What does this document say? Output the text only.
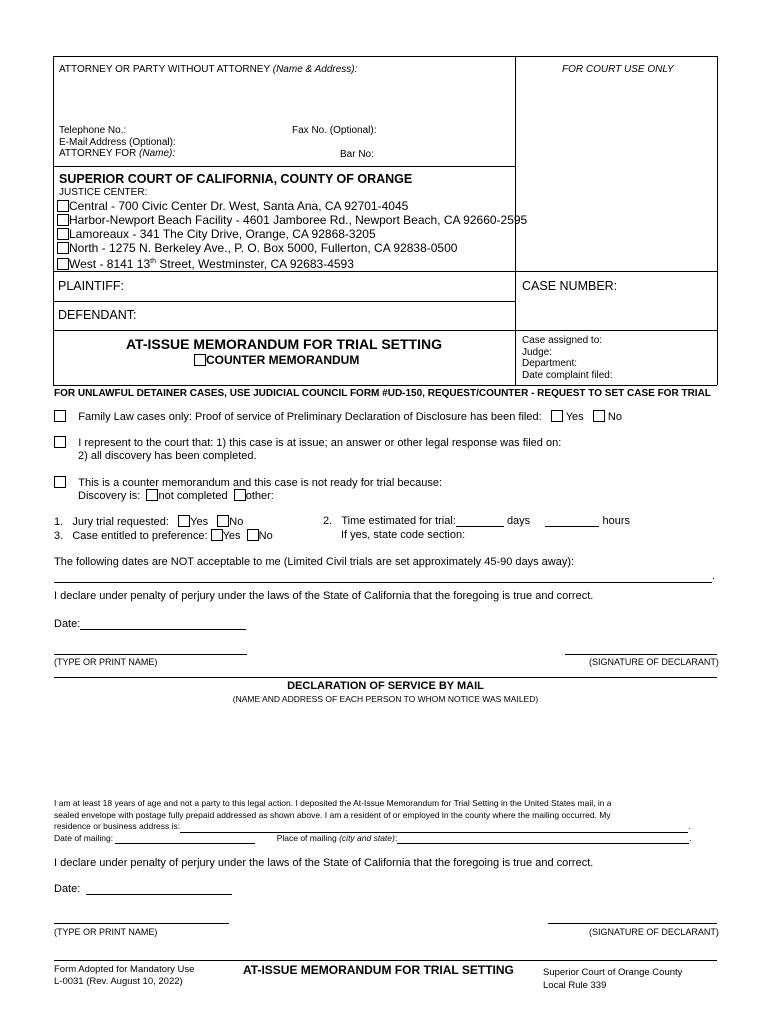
ATTORNEY OR PARTY WITHOUT ATTORNEY (Name & Address):	FOR COURT USE ONLY
Telephone No.:	Fax No. (Optional):
E-Mail Address (Optional):
ATTORNEY FOR (Name):	Bar No:
SUPERIOR COURT OF CALIFORNIA, COUNTY OF ORANGE
JUSTICE CENTER:
Central - 700 Civic Center Dr. West, Santa Ana, CA 92701-4045
Harbor-Newport Beach Facility - 4601 Jamboree Rd., Newport Beach, CA 92660-2595
Lamoreaux - 341 The City Drive, Orange, CA 92868-3205
North - 1275 N. Berkeley Ave., P. O. Box 5000, Fullerton, CA 92838-0500
West - 8141 13th Street, Westminster, CA 92683-4593
PLAINTIFF:	CASE NUMBER:
DEFENDANT:
AT-ISSUE MEMORANDUM FOR TRIAL SETTING
COUNTER MEMORANDUM
Case assigned to:
Judge:
Department:
Date complaint filed:
FOR UNLAWFUL DETAINER CASES, USE JUDICIAL COUNCIL FORM #UD-150, REQUEST/COUNTER - REQUEST TO SET CASE FOR TRIAL
Family Law cases only: Proof of service of Preliminary Declaration of Disclosure has been filed: Yes No
I represent to the court that: 1) this case is at issue; an answer or other legal response was filed on:
2) all discovery has been completed.
This is a counter memorandum and this case is not ready for trial because:
Discovery is: not completed other:
1. Jury trial requested: Yes No
3. Case entitled to preference: Yes No
2. Time estimated for trial:	days	hours
If yes, state code section:
The following dates are NOT acceptable to me (Limited Civil trials are set approximately 45-90 days away):
.
I declare under penalty of perjury under the laws of the State of California that the foregoing is true and correct.
Date:
(TYPE OR PRINT NAME)	(SIGNATURE OF DECLARANT)
DECLARATION OF SERVICE BY MAIL
(NAME AND ADDRESS OF EACH PERSON TO WHOM NOTICE WAS MAILED)
I am at least 18 years of age and not a party to this legal action. I deposited the At-Issue Memorandum for Trial Setting in the United States mail, in a
sealed envelope with postage fully prepaid addressed as shown above. I am a resident of or employed in the county where the mailing occurred. My
residence or business address is:	.
Date of mailing:	Place of mailing (city and state):	.
I declare under penalty of perjury under the laws of the State of California that the foregoing is true and correct.
Date:
(TYPE OR PRINT NAME)	(SIGNATURE OF DECLARANT)
Form Adopted for Mandatory Use
L-0031 (Rev. August 10, 2022)
AT-ISSUE MEMORANDUM FOR TRIAL SETTING	Superior Court of Orange County
Local Rule 339
